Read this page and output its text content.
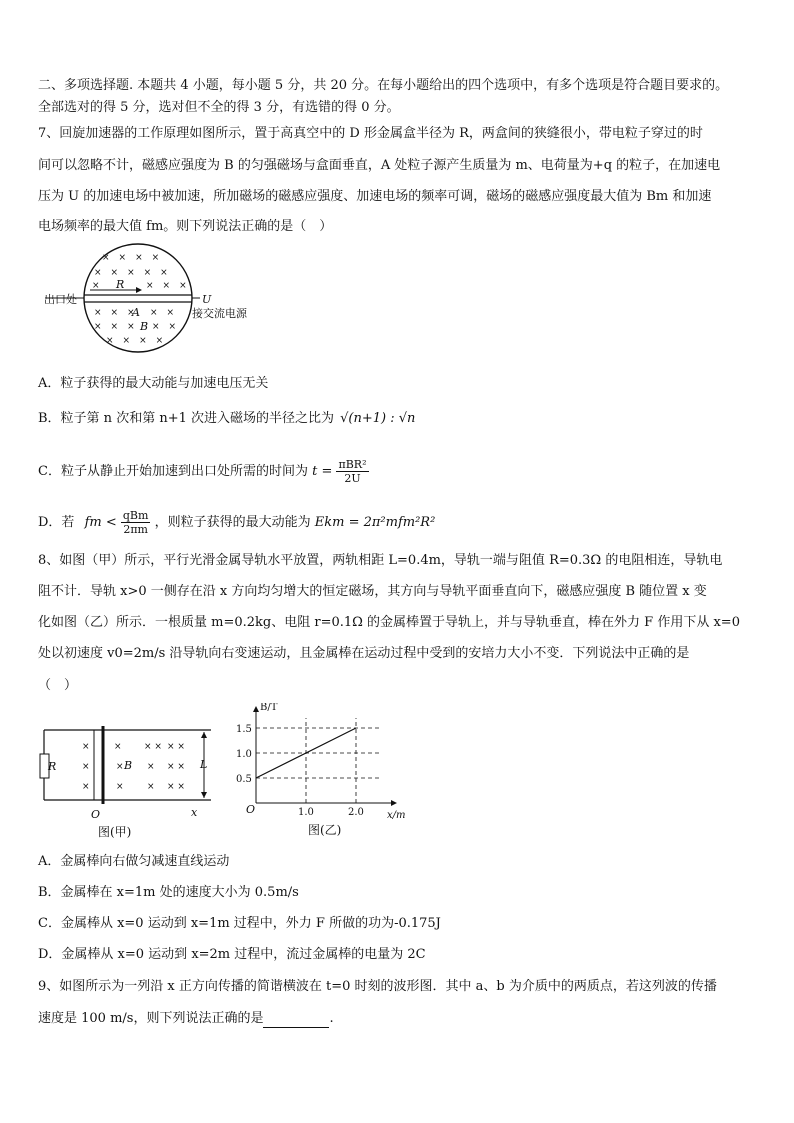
二、多项选择题. 本题共 4 小题，每小题 5 分，共 20 分。在每小题给出的四个选项中，有多个选项是符合题目要求的。
全部选对的得 5 分，选对但不全的得 3 分，有选错的得 0 分。
7、回旋加速器的工作原理如图所示，置于高真空中的 D 形金属盒半径为 R，两盒间的狭缝很小，带电粒子穿过的时
间可以忽略不计，磁感应强度为 B 的匀强磁场与盒面垂直，A 处粒子源产生质量为 m、电荷量为+q 的粒子，在加速电
压为 U 的加速电场中被加速，所加磁场的磁感应强度、加速电场的频率可调，磁场的磁感应强度最大值为 Bm 和加速
电场频率的最大值 fm。则下列说法正确的是（　）
×　×　×　×
×　×　×　×　×
×	×　×　×
×　×　× ×　×
×　×　× ×　×
×　×　×　×
R
A
B
出口处	U
接交流电源
A．粒子获得的最大动能与加速电压无关
B．粒子第 n 次和第 n+1 次进入磁场的半径之比为 √(n+1) : √n
C．粒子从静止开始加速到出口处所需的时间为 $t = \frac{\text{πBR²}}{2U}$
D．若 fm < $\frac{\text{qBm}}{2\pi m}$ ，则粒子获得的最大动能为 Ekm = 2π²mfm²R²
8、如图（甲）所示，平行光滑金属导轨水平放置，两轨相距 L=0.4m，导轨一端与阻值 R=0.3Ω 的电阻相连，导轨电
阻不计．导轨 x>0 一侧存在沿 x 方向均匀增大的恒定磁场，其方向与导轨平面垂直向下，磁感应强度 B 随位置 x 变
化如图（乙）所示．一根质量 m=0.2kg、电阻 r=0.1Ω 的金属棒置于导轨上，并与导轨垂直，棒在外力 F 作用下从 x=0
处以初速度 v0=2m/s 沿导轨向右变速运动，且金属棒在运动过程中受到的安培力大小不变．下列说法中正确的是
（　）
×	× × × × ×
×	×	× × ×
×	×	× × ×
R	B	L
O	x
图(甲)	图(乙)
B/T
x/m
O
0.5
1.0
1.5
1.0	2.0
A．金属棒向右做匀减速直线运动
B．金属棒在 x=1m 处的速度大小为 0.5m/s
C．金属棒从 x=0 运动到 x=1m 过程中，外力 F 所做的功为-0.175J
D．金属棒从 x=0 运动到 x=2m 过程中，流过金属棒的电量为 2C
9、如图所示为一列沿 x 正方向传播的简谐横波在 t=0 时刻的波形图．其中 a、b 为介质中的两质点，若这列波的传播
速度是 100 m/s，则下列说法正确的是	.
